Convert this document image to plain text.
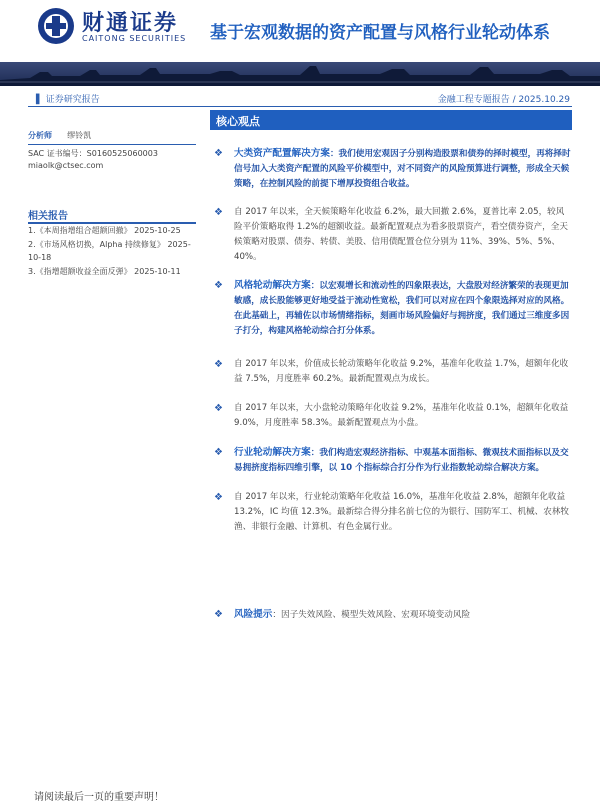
财通证券
CAITONG SECURITIES 基于宏观数据的资产配置与风格行业轮动体系
▌ 证券研究报告	金融工程专题报告 / 2025.10.29
分析师 缪铃凯
SAC 证书编号：S0160525060003
miaolk@ctsec.com
相关报告
1.《本周指增组合超额回撤》 2025-10-25
2.《市场风格切换，Alpha 持续修复》 2025-10-18
3.《指增超额收益全面反弹》 2025-10-11
核心观点
❖ 大类资产配置解决方案：我们使用宏观因子分别构造股票和债券的择时模型，再将择时信号加入大类资产配置的风险平价模型中，对不同资产的风险预算进行调整，形成全天候策略，在控制风险的前提下增厚投资组合收益。
❖ 自 2017 年以来，全天候策略年化收益 6.2%，最大回撤 2.6%，夏普比率 2.05，较风险平价策略取得 1.2%的超额收益。最新配置观点为看多股票资产，看空债券资产，全天候策略对股票、债券、转债、美股、信用债配置仓位分别为 11%、39%、5%、5%、40%。
❖ 风格轮动解决方案：以宏观增长和流动性的四象限表达，大盘股对经济繁荣的表现更加敏感，成长股能够更好地受益于流动性宽松，我们可以对应在四个象限选择对应的风格。在此基础上，再辅佐以市场情绪指标，刻画市场风险偏好与拥挤度，我们通过三维度多因子打分，构建风格轮动综合打分体系。
❖ 自 2017 年以来，价值成长轮动策略年化收益 9.2%，基准年化收益 1.7%，超额年化收益 7.5%，月度胜率 60.2%。最新配置观点为成长。
❖ 自 2017 年以来，大小盘轮动策略年化收益 9.2%，基准年化收益 0.1%，超额年化收益 9.0%，月度胜率 58.3%。最新配置观点为小盘。
❖ 行业轮动解决方案：我们构造宏观经济指标、中观基本面指标、微观技术面指标以及交易拥挤度指标四维引擎，以 10 个指标综合打分作为行业指数轮动综合解决方案。
❖ 自 2017 年以来，行业轮动策略年化收益 16.0%，基准年化收益 2.8%，超额年化收益 13.2%，IC 均值 12.3%。最新综合得分排名前七位的为银行、国防军工、机械、农林牧渔、非银行金融、计算机、有色金属行业。
❖ 风险提示：因子失效风险、模型失效风险、宏观环境变动风险
请阅读最后一页的重要声明！
